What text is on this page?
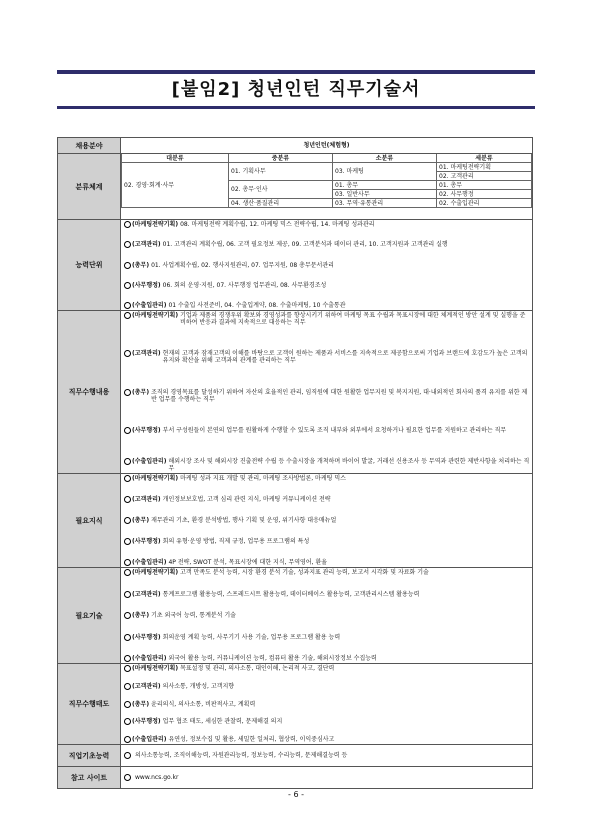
[붙임2] 청년인턴 직무기술서
채용분야	청년인턴(체험형)
분류체계	
대분류	중분류	소분류	세분류
02. 경영·회계·사무	01. 기획사무	03. 마케팅	01. 마케팅전략기획
02. 고객관리
02. 총무·인사	01. 총무	01. 총무
03. 일반사무	02. 사무행정
04. 생산·품질관리	03. 무역·유통관리	02. 수출입관리

능력단위	
(마케팅전략기획) 08. 마케팅전략 계획수립, 12. 마케팅 믹스 전략수립, 14. 마케팅 성과관리
(고객관리) 01. 고객관리 계획수립, 06. 고객 필요정보 제공, 09. 고객분석과 데이터 관리, 10. 고객지원과 고객관리 실행
(총무) 01. 사업계획수립, 02. 행사지원관리, 07. 업무지원, 08 총무문서관리
(사무행정) 06. 회의 운영·지원, 07. 사무행정 업무관리, 08. 사무환경조성
(수출입관리) 01 수출입 사전준비, 04. 수출입계약, 08. 수출마케팅, 10 수출통관

직무수행내용	
(마케팅전략기획) 기업과 제품의 경쟁우위 확보와 경영성과를 향상시키기 위하여 마케팅 목표 수립과 목표시장에 대한 체계적인 방안 설계 및 실행을 준비하여 반응과 결과에 지속적으로 대응하는 직무
(고객관리) 현재의 고객과 잠재고객의 이해를 바탕으로 고객이 원하는 제품과 서비스를 지속적으로 제공함으로써 기업과 브랜드에 호감도가 높은 고객의 유지와 확산을 위해 고객과의 관계를 관리하는 직무
(총무) 조직의 경영목표를 달성하기 위하여 자산의 효율적인 관리, 임직원에 대한 원활한 업무지원 및 복지지원, 대·내외적인 회사의 품격 유지를 위한 제반 업무를 수행하는 직무
(사무행정) 부서 구성원들이 본연의 업무를 원활하게 수행할 수 있도록 조직 내부와 외부에서 요청하거나 필요한 업무를 지원하고 관리하는 직무
(수출입관리) 해외시장 조사 및 해외시장 진출전략 수립 등 수출시장을 개척하며 바이어 발굴, 거래선 신용조사 등 무역과 관련한 제반사항을 처리하는 직무

필요지식	
(마케팅전략기획) 마케팅 성과 지표 개발 및 관리, 마케팅 조사방법론, 마케팅 믹스
(고객관리) 개인정보보호법, 고객 심리 관련 지식, 마케팅 커뮤니케이션 전략
(총무) 재무관리 기초, 환경 분석방법, 행사 기획 및 운영, 위기사항 대응매뉴얼
(사무행정) 회의 유형·운영 방법, 직제 규정, 업무용 프로그램의 특성
(수출입관리) 4P 전략, SWOT 분석, 목표시장에 대한 지식, 무역영어, 환율

필요기술	
(마케팅전략기획) 고객 만족도 분석 능력, 시장 환경 분석 기술, 성과지표 관리 능력, 보고서 시각화 및 자료화 기술
(고객관리) 통계프로그램 활용능력, 스프레드시트 활용능력, 데이터베이스 활용능력, 고객관리시스템 활용능력
(총무) 기초 외국어 능력, 통계분석 기술
(사무행정) 회의운영 계획 능력, 사무기기 사용 기술, 업무용 프로그램 활용 능력
(수출입관리) 외국어 활용 능력, 커뮤니케이션 능력, 컴퓨터 활용 기술, 해외시장정보 수집능력

직무수행태도	
(마케팅전략기획) 목표설정 및 관리, 의사소통, 대인이해, 논리적 사고, 결단력
(고객관리) 의사소통, 개방성, 고객지향
(총무) 윤리의식, 의사소통, 비판적사고, 계획력
(사무행정) 업무 협조 태도, 세심한 관찰력, 문제해결 의지
(수출입관리) 유연성, 정보수집 및 활용, 세밀한 일처리, 협상력, 이익중심사고

직업기초능력	의사소통능력, 조직이해능력, 자원관리능력, 정보능력, 수리능력, 문제해결능력 등

참고 사이트	www.ncs.go.kr
- 6 -
